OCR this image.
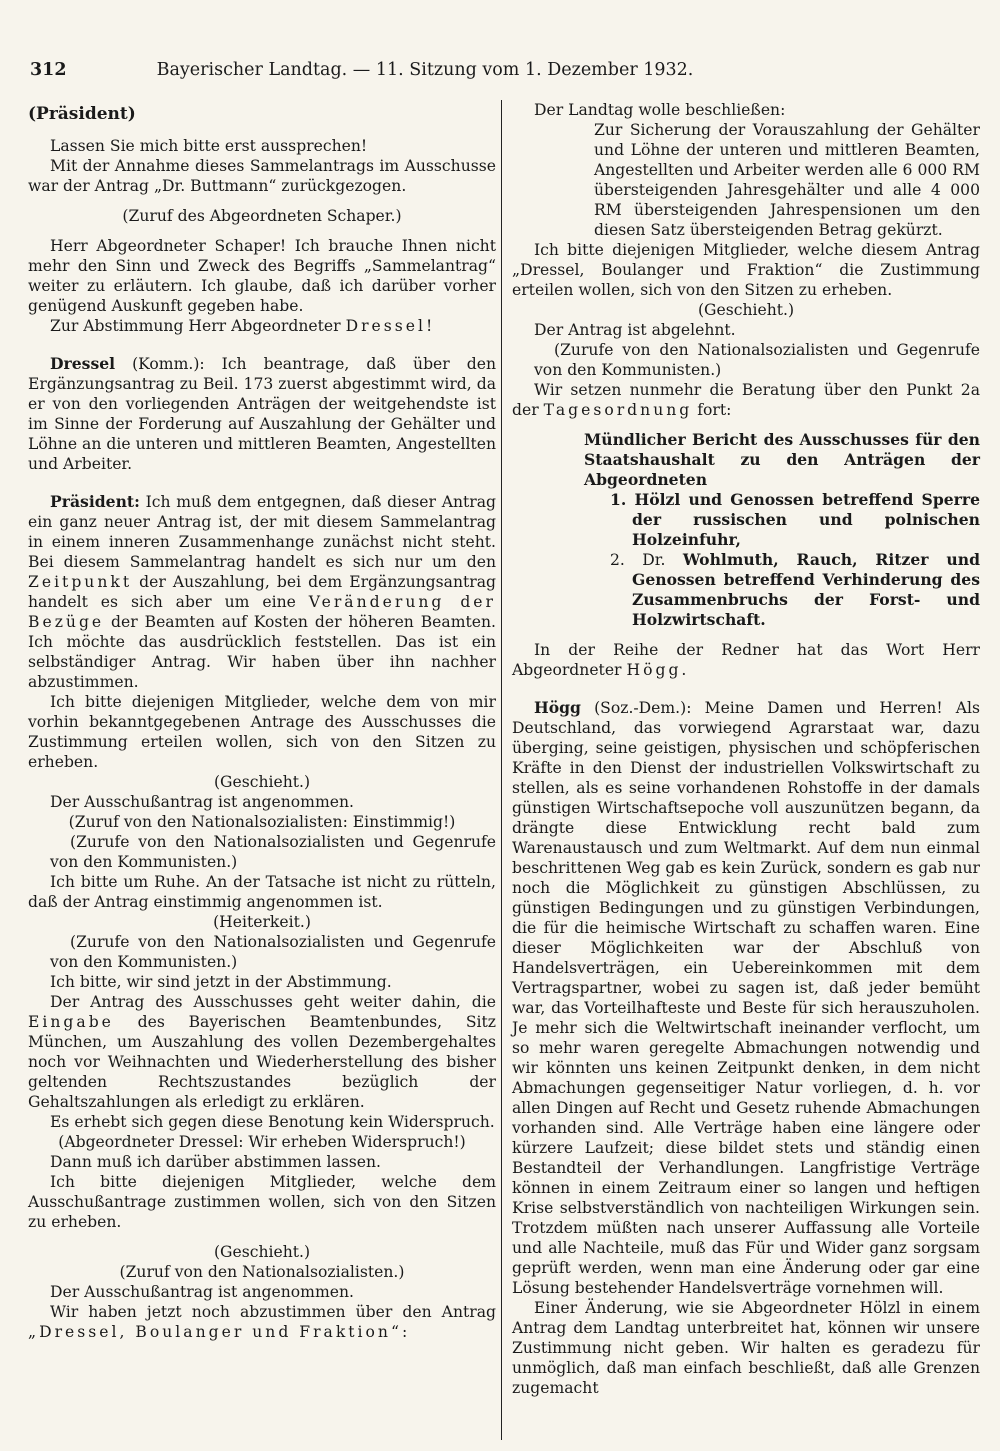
312	Bayerischer Landtag. — 11. Sitzung vom 1. Dezember 1932.

(Präsident)

Lassen Sie mich bitte erst aussprechen!

Mit der Annahme dieses Sammelantrags im Ausschusse war der Antrag „Dr. Buttmann“ zurückgezogen.

(Zuruf des Abgeordneten Schaper.)

Herr Abgeordneter Schaper! Ich brauche Ihnen nicht mehr den Sinn und Zweck des Begriffs „Sammelantrag“ weiter zu erläutern. Ich glaube, daß ich darüber vorher genügend Auskunft gegeben habe.

Zur Abstimmung Herr Abgeordneter Dressel!

Dressel (Komm.): Ich beantrage, daß über den Ergänzungsantrag zu Beil. 173 zuerst abgestimmt wird, da er von den vorliegenden Anträgen der weitgehendste ist im Sinne der Forderung auf Auszahlung der Gehälter und Löhne an die unteren und mittleren Beamten, Angestellten und Arbeiter.

Präsident: Ich muß dem entgegnen, daß dieser Antrag ein ganz neuer Antrag ist, der mit diesem Sammelantrag in einem inneren Zusammenhange zunächst nicht steht. Bei diesem Sammelantrag handelt es sich nur um den Zeitpunkt der Auszahlung, bei dem Ergänzungsantrag handelt es sich aber um eine Veränderung der Bezüge der Beamten auf Kosten der höheren Beamten. Ich möchte das ausdrücklich feststellen. Das ist ein selbständiger Antrag. Wir haben über ihn nachher abzustimmen.

Ich bitte diejenigen Mitglieder, welche dem von mir vorhin bekanntgegebenen Antrage des Ausschusses die Zustimmung erteilen wollen, sich von den Sitzen zu erheben.

(Geschieht.)

Der Ausschußantrag ist angenommen.

(Zuruf von den Nationalsozialisten: Einstimmig!)

(Zurufe von den Nationalsozialisten und Gegenrufe von den Kommunisten.)

Ich bitte um Ruhe. An der Tatsache ist nicht zu rütteln, daß der Antrag einstimmig angenommen ist.

(Heiterkeit.)

(Zurufe von den Nationalsozialisten und Gegenrufe von den Kommunisten.)

Ich bitte, wir sind jetzt in der Abstimmung.

Der Antrag des Ausschusses geht weiter dahin, die Eingabe des Bayerischen Beamtenbundes, Sitz München, um Auszahlung des vollen Dezembergehaltes noch vor Weihnachten und Wiederherstellung des bisher geltenden Rechtszustandes bezüglich der Gehaltszahlungen als erledigt zu erklären.

Es erhebt sich gegen diese Benotung kein Widerspruch.

(Abgeordneter Dressel: Wir erheben Widerspruch!)

Dann muß ich darüber abstimmen lassen.

Ich bitte diejenigen Mitglieder, welche dem Ausschußantrage zustimmen wollen, sich von den Sitzen zu erheben.

(Geschieht.)

(Zuruf von den Nationalsozialisten.)

Der Ausschußantrag ist angenommen.

Wir haben jetzt noch abzustimmen über den Antrag „Dressel, Boulanger und Fraktion“:

Der Landtag wolle beschließen:

Zur Sicherung der Vorauszahlung der Gehälter und Löhne der unteren und mittleren Beamten, Angestellten und Arbeiter werden alle 6 000 RM übersteigenden Jahresgehälter und alle 4 000 RM übersteigenden Jahrespensionen um den diesen Satz übersteigenden Betrag gekürzt.

Ich bitte diejenigen Mitglieder, welche diesem Antrag „Dressel, Boulanger und Fraktion“ die Zustimmung erteilen wollen, sich von den Sitzen zu erheben.

(Geschieht.)

Der Antrag ist abgelehnt.

(Zurufe von den Nationalsozialisten und Gegenrufe von den Kommunisten.)

Wir setzen nunmehr die Beratung über den Punkt 2a der Tagesordnung fort:

Mündlicher Bericht des Ausschusses für den Staatshaushalt zu den Anträgen der Abgeordneten

1. Hölzl und Genossen betreffend Sperre der russischen und polnischen Holzeinfuhr,

2. Dr. Wohlmuth, Rauch, Ritzer und Genossen betreffend Verhinderung des Zusammenbruchs der Forst- und Holzwirtschaft.

In der Reihe der Redner hat das Wort Herr Abgeordneter Högg.

Högg (Soz.-Dem.): Meine Damen und Herren! Als Deutschland, das vorwiegend Agrarstaat war, dazu überging, seine geistigen, physischen und schöpferischen Kräfte in den Dienst der industriellen Volkswirtschaft zu stellen, als es seine vorhandenen Rohstoffe in der damals günstigen Wirtschaftsepoche voll auszunützen begann, da drängte diese Entwicklung recht bald zum Warenaustausch und zum Weltmarkt. Auf dem nun einmal beschrittenen Weg gab es kein Zurück, sondern es gab nur noch die Möglichkeit zu günstigen Abschlüssen, zu günstigen Bedingungen und zu günstigen Verbindungen, die für die heimische Wirtschaft zu schaffen waren. Eine dieser Möglichkeiten war der Abschluß von Handelsverträgen, ein Uebereinkommen mit dem Vertragspartner, wobei zu sagen ist, daß jeder bemüht war, das Vorteilhafteste und Beste für sich herauszuholen. Je mehr sich die Weltwirtschaft ineinander verflocht, um so mehr waren geregelte Abmachungen notwendig und wir könnten uns keinen Zeitpunkt denken, in dem nicht Abmachungen gegenseitiger Natur vorliegen, d. h. vor allen Dingen auf Recht und Gesetz ruhende Abmachungen vorhanden sind. Alle Verträge haben eine längere oder kürzere Laufzeit; diese bildet stets und ständig einen Bestandteil der Verhandlungen. Langfristige Verträge können in einem Zeitraum einer so langen und heftigen Krise selbstverständlich von nachteiligen Wirkungen sein. Trotzdem müßten nach unserer Auffassung alle Vorteile und alle Nachteile, muß das Für und Wider ganz sorgsam geprüft werden, wenn man eine Änderung oder gar eine Lösung bestehender Handelsverträge vornehmen will.

Einer Änderung, wie sie Abgeordneter Hölzl in einem Antrag dem Landtag unterbreitet hat, können wir unsere Zustimmung nicht geben. Wir halten es geradezu für unmöglich, daß man einfach beschließt, daß alle Grenzen zugemacht
